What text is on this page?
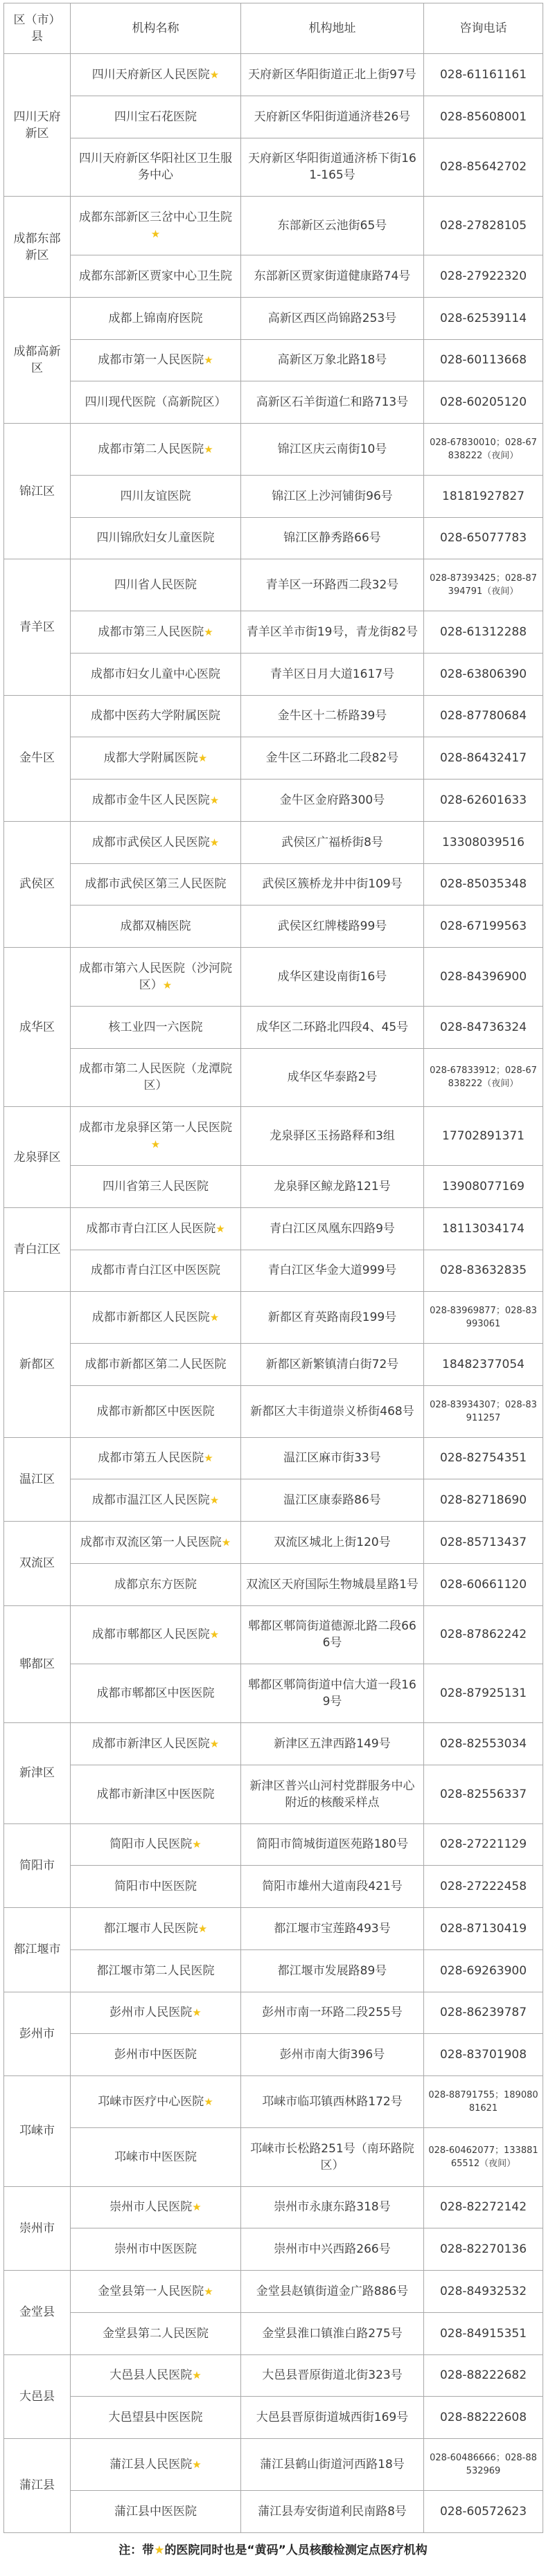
区（市）县	机构名称	机构地址	咨询电话
四川天府新区	四川天府新区人民医院★	天府新区华阳街道正北上街97号	028-61161161
	四川宝石花医院	天府新区华阳街道通济巷26号	028-85608001
	四川天府新区华阳社区卫生服务中心	天府新区华阳街道通济桥下街161-165号	028-85642702
成都东部新区	成都东部新区三岔中心卫生院★	东部新区云池街65号	028-27828105
	成都东部新区贾家中心卫生院	东部新区贾家街道健康路74号	028-27922320
成都高新区	成都上锦南府医院	高新区西区尚锦路253号	028-62539114
	成都市第一人民医院★	高新区万象北路18号	028-60113668
	四川现代医院（高新院区）	高新区石羊街道仁和路713号	028-60205120
锦江区	成都市第二人民医院★	锦江区庆云南街10号	028-67830010；028-67838222（夜间）
	四川友谊医院	锦江区上沙河铺街96号	18181927827
	四川锦欣妇女儿童医院	锦江区静秀路66号	028-65077783
青羊区	四川省人民医院	青羊区一环路西二段32号	028-87393425；028-87394791（夜间）
	成都市第三人民医院★	青羊区羊市街19号，青龙街82号	028-61312288
	成都市妇女儿童中心医院	青羊区日月大道1617号	028-63806390
金牛区	成都中医药大学附属医院	金牛区十二桥路39号	028-87780684
	成都大学附属医院★	金牛区二环路北二段82号	028-86432417
	成都市金牛区人民医院★	金牛区金府路300号	028-62601633
武侯区	成都市武侯区人民医院★	武侯区广福桥街8号	13308039516
	成都市武侯区第三人民医院	武侯区簇桥龙井中街109号	028-85035348
	成都双楠医院	武侯区红牌楼路99号	028-67199563
成华区	成都市第六人民医院（沙河院区）★	成华区建设南街16号	028-84396900
	核工业四一六医院	成华区二环路北四段4、45号	028-84736324
	成都市第二人民医院（龙潭院区）	成华区华泰路2号	028-67833912；028-67838222（夜间）
龙泉驿区	成都市龙泉驿区第一人民医院★	龙泉驿区玉扬路释和3组	17702891371
	四川省第三人民医院	龙泉驿区鲸龙路121号	13908077169
青白江区	成都市青白江区人民医院★	青白江区凤凰东四路9号	18113034174
	成都市青白江区中医医院	青白江区华金大道999号	028-83632835
新都区	成都市新都区人民医院★	新都区育英路南段199号	028-83969877；028-83993061
	成都市新都区第二人民医院	新都区新繁镇清白街72号	18482377054
	成都市新都区中医医院	新都区大丰街道崇义桥街468号	028-83934307；028-83911257
温江区	成都市第五人民医院★	温江区麻市街33号	028-82754351
	成都市温江区人民医院★	温江区康泰路86号	028-82718690
双流区	成都市双流区第一人民医院★	双流区城北上街120号	028-85713437
	成都京东方医院	双流区天府国际生物城晨星路1号	028-60661120
郫都区	成都市郫都区人民医院★	郫都区郫筒街道德源北路二段666号	028-87862242
	成都市郫都区中医医院	郫都区郫筒街道中信大道一段169号	028-87925131
新津区	成都市新津区人民医院★	新津区五津西路149号	028-82553034
	成都市新津区中医医院	新津区普兴山河村党群服务中心附近的核酸采样点	028-82556337
简阳市	简阳市人民医院★	简阳市简城街道医苑路180号	028-27221129
	简阳市中医医院	简阳市雄州大道南段421号	028-27222458
都江堰市	都江堰市人民医院★	都江堰市宝莲路493号	028-87130419
	都江堰市第二人民医院	都江堰市发展路89号	028-69263900
彭州市	彭州市人民医院★	彭州市南一环路二段255号	028-86239787
	彭州市中医医院	彭州市南大街396号	028-83701908
邛崃市	邛崃市医疗中心医院★	邛崃市临邛镇西林路172号	028-88791755；18908081621
	邛崃市中医医院	邛崃市长松路251号（南环路院区）	028-60462077；13388165512（夜间）
崇州市	崇州市人民医院★	崇州市永康东路318号	028-82272142
	崇州市中医医院	崇州市中兴西路266号	028-82270136
金堂县	金堂县第一人民医院★	金堂县赵镇街道金广路886号	028-84932532
	金堂县第二人民医院	金堂县淮口镇淮白路275号	028-84915351
大邑县	大邑县人民医院★	大邑县晋原街道北街323号	028-88222682
	大邑望县中医医院	大邑县晋原街道城西街169号	028-88222608
蒲江县	蒲江县人民医院★	蒲江县鹤山街道河西路18号	028-60486666；028-88532969
	蒲江县中医医院	蒲江县寿安街道利民南路8号	028-60572623
注：带★的医院同时也是“黄码”人员核酸检测定点医疗机构
